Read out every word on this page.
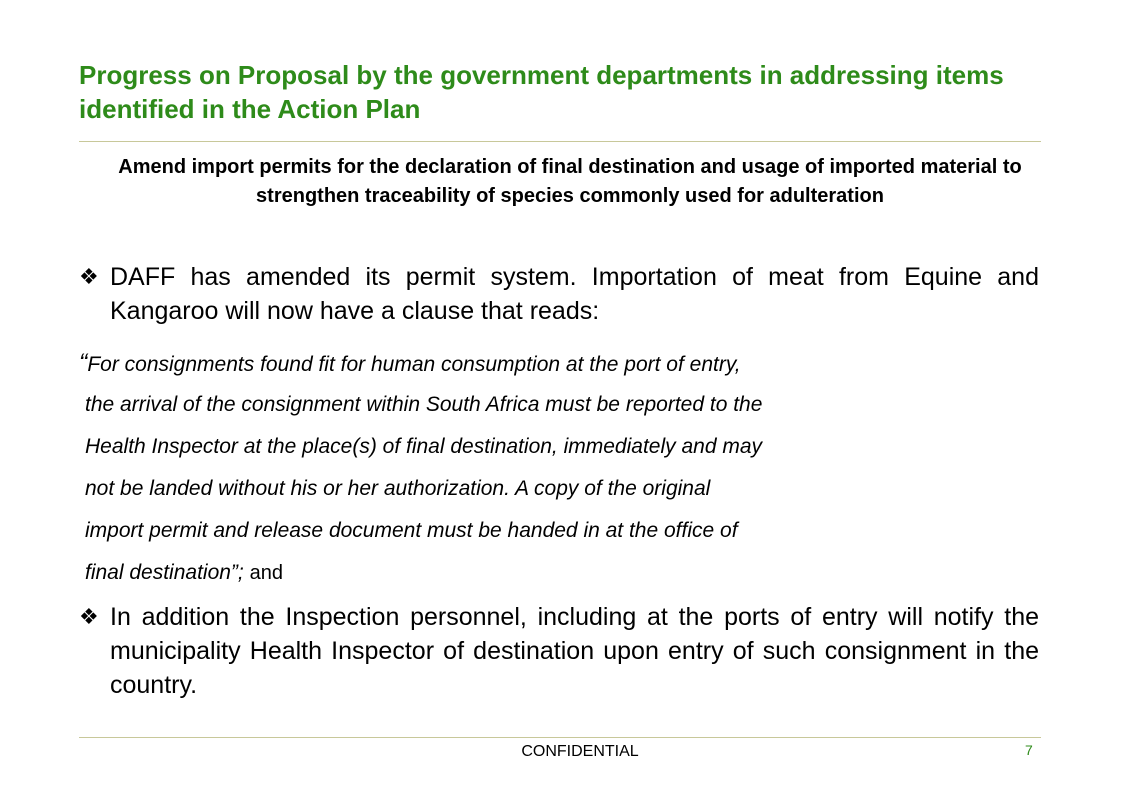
Progress on Proposal by the government departments in addressing items identified in the Action Plan

Amend import permits for the declaration of final destination and usage of imported material to strengthen traceability of species commonly used for adulteration

❖ DAFF has amended its permit system. Importation of meat from Equine and Kangaroo will now have a clause that reads:
“For consignments found fit for human consumption at the port of entry,
the arrival of the consignment within South Africa must be reported to the
Health Inspector at the place(s) of final destination, immediately and may
not be landed without his or her authorization. A copy of the original
import permit and release document must be handed in at the office of
final destination”; and
❖ In addition the Inspection personnel, including at the ports of entry will notify the municipality Health Inspector of destination upon entry of such consignment in the country.
CONFIDENTIAL	7
